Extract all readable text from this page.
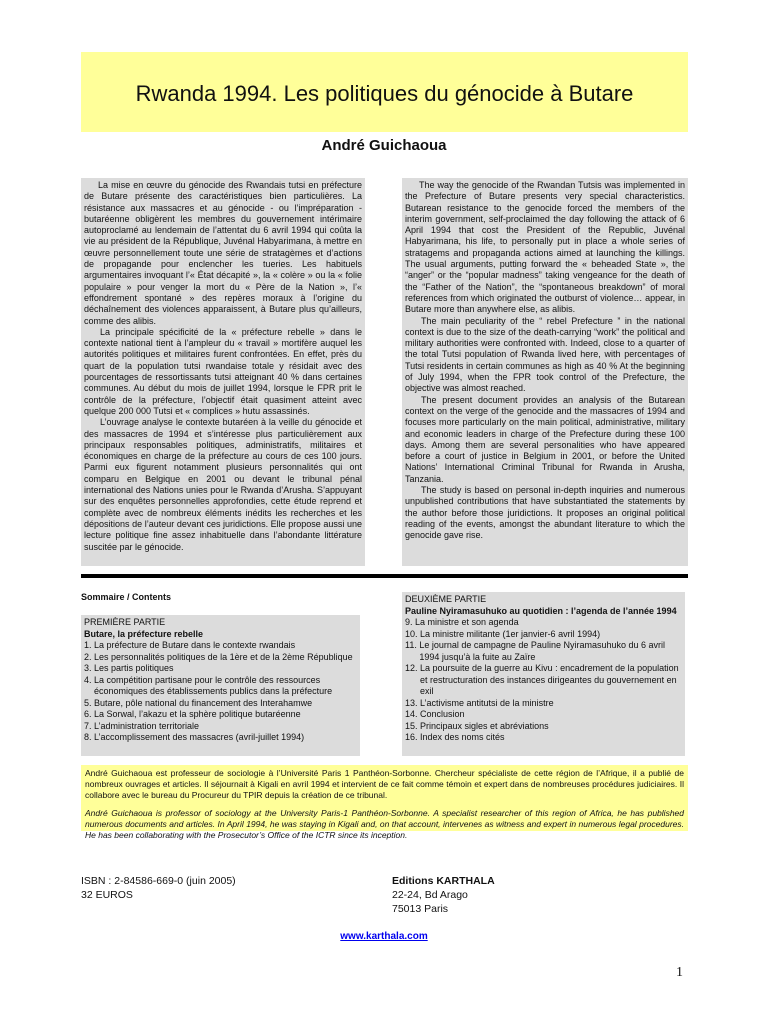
Rwanda 1994. Les politiques du génocide à Butare
André Guichaoua

La mise en œuvre du génocide des Rwandais tutsi en préfecture de Butare présente des caractéristiques bien particulières. La résistance aux massacres et au génocide - ou l’impréparation - butaréenne obligèrent les membres du gouvernement intérimaire autoproclamé au lendemain de l’attentat du 6 avril 1994 qui coûta la vie au président de la République, Juvénal Habyarimana, à mettre en œuvre personnellement toute une série de stratagèmes et d’actions de propagande pour enclencher les tueries. Les habituels argumentaires invoquant l’« État décapité », la « colère » ou la « folie populaire » pour venger la mort du « Père de la Nation », l’« effondrement spontané » des repères moraux à l’origine du déchaînement des violences apparaissent, à Butare plus qu’ailleurs, comme des alibis.

La principale spécificité de la « préfecture rebelle » dans le contexte national tient à l’ampleur du « travail » mortifère auquel les autorités politiques et militaires furent confrontées. En effet, près du quart de la population tutsi rwandaise totale y résidait avec des pourcentages de ressortissants tutsi atteignant 40 % dans certaines communes. Au début du mois de juillet 1994, lorsque le FPR prit le contrôle de la préfecture, l’objectif était quasiment atteint avec quelque 200 000 Tutsi et « complices » hutu assassinés.

L’ouvrage analyse le contexte butaréen à la veille du génocide et des massacres de 1994 et s’intéresse plus particulièrement aux principaux responsables politiques, administratifs, militaires et économiques en charge de la préfecture au cours de ces 100 jours. Parmi eux figurent notamment plusieurs personnalités qui ont comparu en Belgique en 2001 ou devant le tribunal pénal international des Nations unies pour le Rwanda d’Arusha. S’appuyant sur des enquêtes personnelles approfondies, cette étude reprend et complète avec de nombreux éléments inédits les recherches et les dépositions de l’auteur devant ces juridictions. Elle propose aussi une lecture politique fine assez inhabituelle dans l’abondante littérature suscitée par le génocide.

The way the genocide of the Rwandan Tutsis was implemented in the Prefecture of Butare presents very special characteristics. Butarean resistance to the genocide forced the members of the interim government, self-proclaimed the day following the attack of 6 April 1994 that cost the President of the Republic, Juvénal Habyarimana, his life, to personally put in place a whole series of stratagems and propaganda actions aimed at launching the killings. The usual arguments, putting forward the « beheaded State », the “anger” or the “popular madness” taking vengeance for the death of the “Father of the Nation”, the “spontaneous breakdown” of moral references from which originated the outburst of violence… appear, in Butare more than anywhere else, as alibis.

The main peculiarity of the “ rebel Prefecture ” in the national context is due to the size of the death-carrying “work” the political and military authorities were confronted with. Indeed, close to a quarter of the total Tutsi population of Rwanda lived here, with percentages of Tutsi residents in certain communes as high as 40 % At the beginning of July 1994, when the FPR took control of the Prefecture, the objective was almost reached.

The present document provides an analysis of the Butarean context on the verge of the genocide and the massacres of 1994 and focuses more particularly on the main political, administrative, military and economic leaders in charge of the Prefecture during these 100 days. Among them are several personalities who have appeared before a court of justice in Belgium in 2001, or before the United Nations’ International Criminal Tribunal for Rwanda in Arusha, Tanzania.

The study is based on personal in-depth inquiries and numerous unpublished contributions that have substantiated the statements by the author before those juridictions. It proposes an original political reading of the events, amongst the abundant literature to which the genocide gave rise.

Sommaire / Contents
PREMIÈRE PARTIE
Butare, la préfecture rebelle
1. La préfecture de Butare dans le contexte rwandais
2. Les personnalités politiques de la 1ère et de la 2ème République
3. Les partis politiques
4. La compétition partisane pour le contrôle des ressources économiques des établissements publics dans la préfecture
5. Butare, pôle national du financement des Interahamwe
6. La Sorwal, l’akazu et la sphère politique butaréenne
7. L’administration territoriale
8. L’accomplissement des massacres (avril-juillet 1994)
DEUXIÈME PARTIE
Pauline Nyiramasuhuko au quotidien : l’agenda de l’année 1994
9. La ministre et son agenda
10. La ministre militante (1er janvier-6 avril 1994)
11. Le journal de campagne de Pauline Nyiramasuhuko du 6 avril 1994 jusqu’à la fuite au Zaïre
12. La poursuite de la guerre au Kivu : encadrement de la population et restructuration des instances dirigeantes du gouvernement en exil
13. L’activisme antitutsi de la ministre
14. Conclusion
15. Principaux sigles et abréviations
16. Index des noms cités

André Guichaoua est professeur de sociologie à l’Université Paris 1 Panthéon-Sorbonne. Chercheur spécialiste de cette région de l’Afrique, il a publié de nombreux ouvrages et articles. Il séjournait à Kigali en avril 1994 et intervient de ce fait comme témoin et expert dans de nombreuses procédures judiciaires. Il collabore avec le bureau du Procureur du TPIR depuis la création de ce tribunal.

André Guichaoua is professor of sociology at the University Paris-1 Panthéon-Sorbonne. A specialist researcher of this region of Africa, he has published numerous documents and articles. In April 1994, he was staying in Kigali and, on that account, intervenes as witness and expert in numerous legal procedures. He has been collaborating with the Prosecutor’s Office of the ICTR since its inception.

ISBN : 2-84586-669-0 (juin 2005)
32 EUROS
Editions KARTHALA
22-24, Bd Arago
75013 Paris
www.karthala.com
1
